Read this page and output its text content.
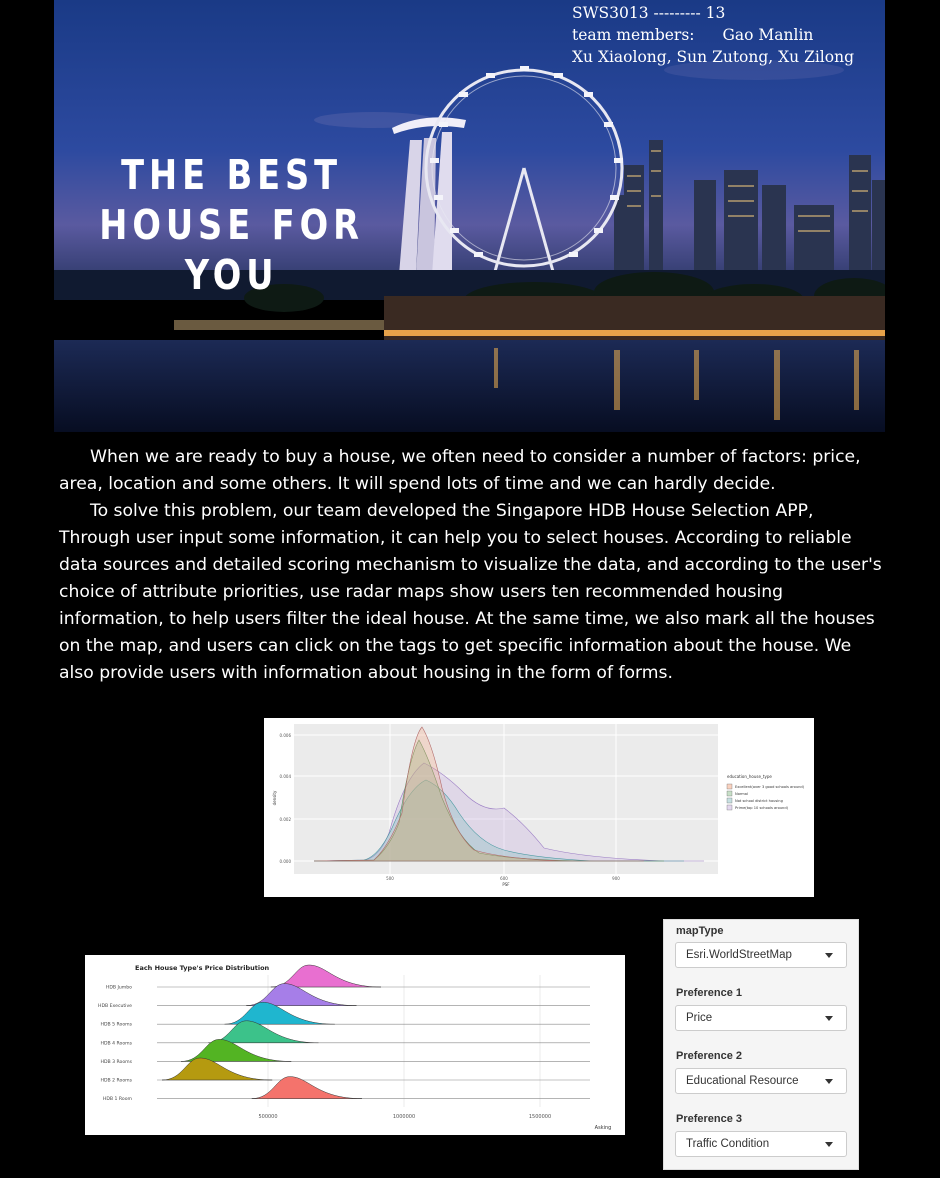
SWS3013 --------- 13
team members: Gao Manlin
Xu Xiaolong, Sun Zutong, Xu Zilong
THE BEST
HOUSE FOR YOU

When we are ready to buy a house, we often need to consider a number of factors: price, area, location and some others. It will spend lots of time and we can hardly decide.

To solve this problem, our team developed the Singapore HDB House Selection APP, Through user input some information, it can help you to select houses. According to reliable data sources and detailed scoring mechanism to visualize the data, and according to the user's choice of attribute priorities, use radar maps show users ten recommended housing information, to help users filter the ideal house. At the same time, we also mark all the houses on the map, and users can click on the tags to get specific information about the house. We also provide users with information about housing in the form of forms.

0.000
0.002
0.004
0.006
500	600	900
PSF
density
education_house_type
Excellent(over 3 good schools around)
Normal
Not school district housing
Prime(top 10 schools around)
Each House Type's Price Distribution
HDB Jumbo
HDB Executive
HDB 5 Rooms
HDB 4 Rooms
HDB 3 Rooms
HDB 2 Rooms
HDB 1 Room
500000	1000000	1500000
Asking
mapType
Esri.WorldStreetMap
Preference 1
Price
Preference 2
Educational Resource
Preference 3
Traffic Condition
